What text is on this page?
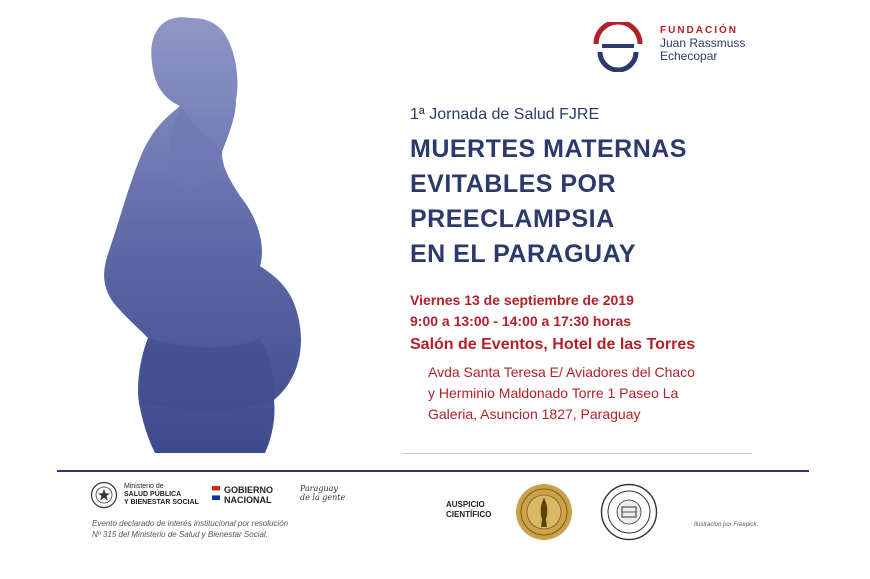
FUNDACIÓN
Juan Rassmuss
Echecopar
1ª Jornada de Salud FJRE
MUERTES MATERNAS
EVITABLES POR
PREECLAMPSIA
EN EL PARAGUAY
Viernes 13 de septiembre de 2019
9:00 a 13:00 - 14:00 a 17:30 horas
Salón de Eventos, Hotel de las Torres
Avda Santa Teresa E/ Aviadores del Chaco
y Herminio Maldonado Torre 1 Paseo La
Galeria, Asuncion 1827, Paraguay
Ministerio de
SALUD PÚBLICA
Y BIENESTAR SOCIAL
GOBIERNO
NACIONAL
Paraguay
de la gente
Evento declarado de interés institucional por resolución
Nº 315 del Ministerio de Salud y Bienestar Social.
AUSPICIO
CIENTÍFICO
Ilustración por Freepick.
